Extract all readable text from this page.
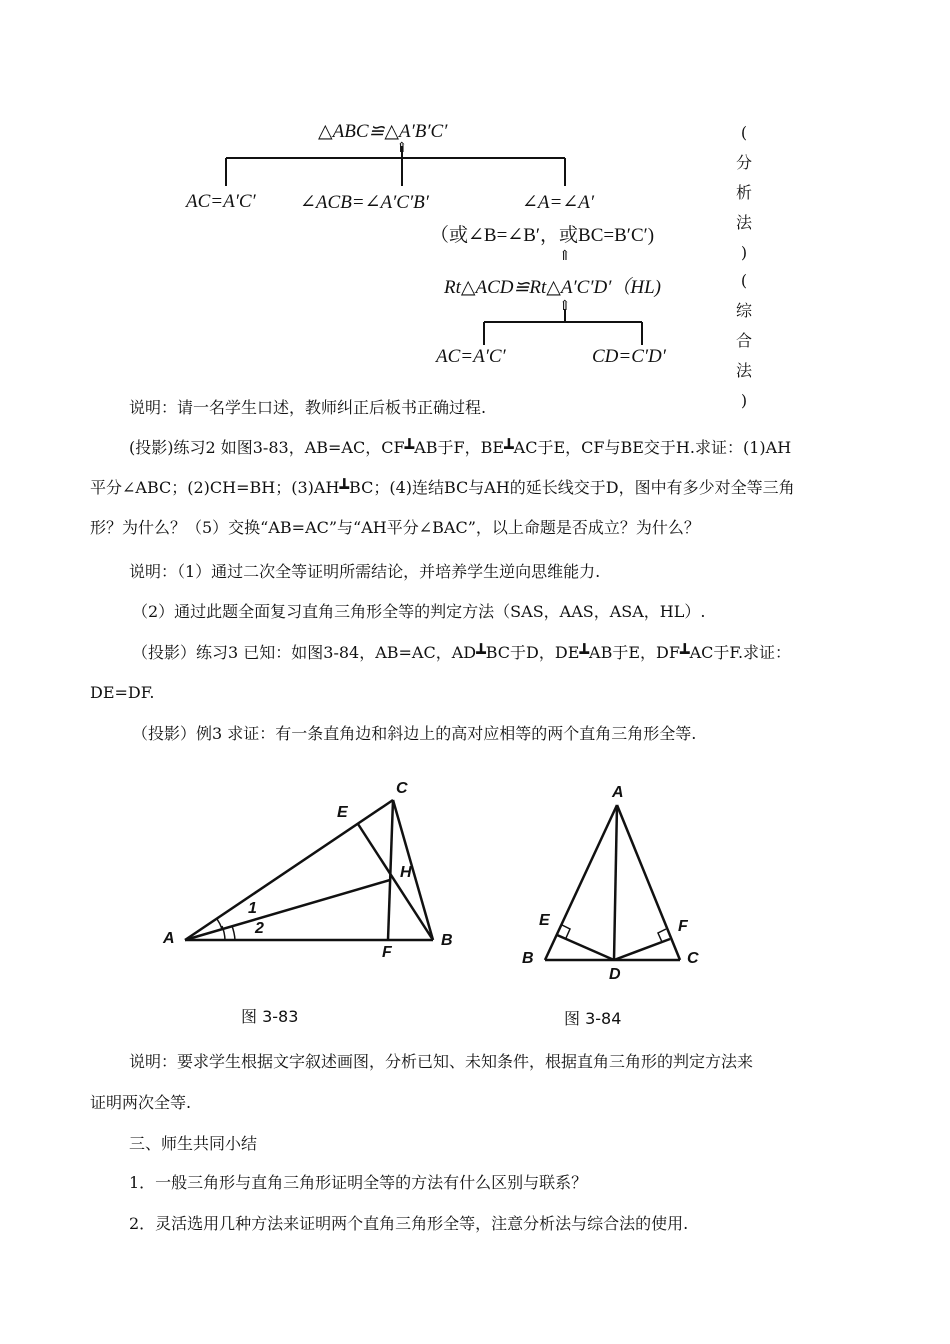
△ABC≌△A′B′C′
⇑
AC=A′C′ ∠ACB=∠A′C′B′	∠A=∠A′
（或∠B=∠B′，或BC=B′C′)
⇑
Rt△ACD≌Rt△A′C′D′（HL)
⇑
AC=A′C′	CD=C′D′
(
分
析
法
)
(
综
合
法
)
说明：请一名学生口述，教师纠正后板书正确过程.
(投影)练习2 如图3-83，AB=AC，CF┻AB于F，BE┻AC于E，CF与BE交于H.求证：(1)AH
平分∠ABC；(2)CH=BH；(3)AH┻BC；(4)连结BC与AH的延长线交于D，图中有多少对全等三角
形？为什么？（5）交换“AB=AC”与“AH平分∠BAC”，以上命题是否成立？为什么？
说明：（1）通过二次全等证明所需结论，并培养学生逆向思维能力.
（2）通过此题全面复习直角三角形全等的判定方法（SAS，AAS，ASA，HL）.
（投影）练习3 已知：如图3-84，AB=AC，AD┻BC于D，DE┻AB于E，DF┻AC于F.求证：
DE=DF.
（投影）例3 求证：有一条直角边和斜边上的高对应相等的两个直角三角形全等.
A	B
C
E
F
H
1
2
图 3-83
A
B	C
D
E	F
图 3-84
说明：要求学生根据文字叙述画图，分析已知、未知条件，根据直角三角形的判定方法来
证明两次全等.
三、师生共同小结
1．一般三角形与直角三角形证明全等的方法有什么区别与联系？
2．灵活选用几种方法来证明两个直角三角形全等，注意分析法与综合法的使用.
